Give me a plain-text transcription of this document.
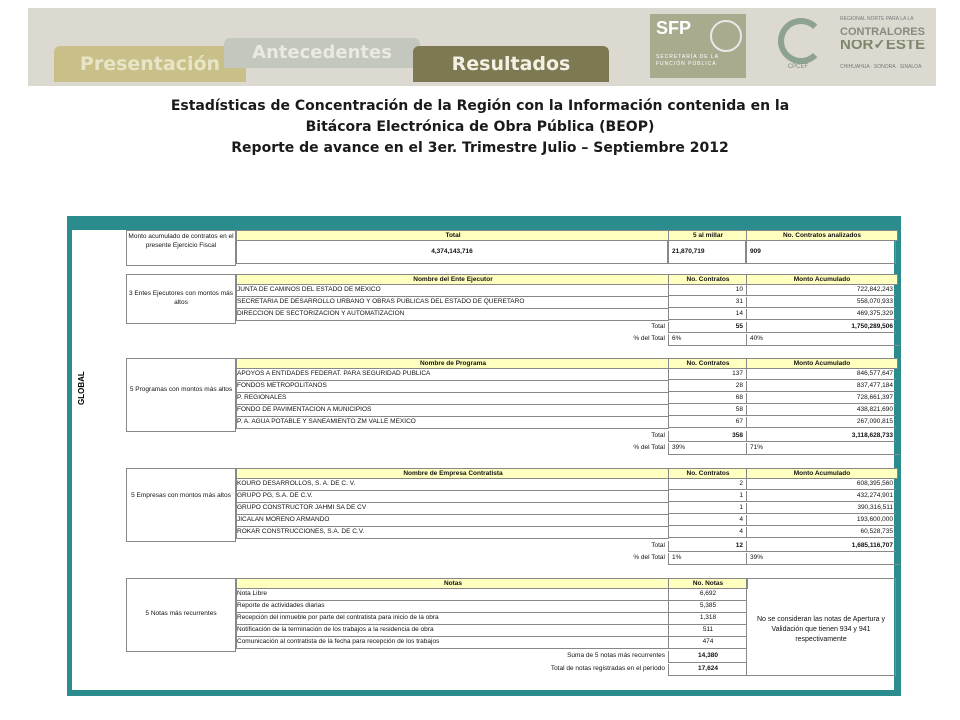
Presentación
Antecedentes
Resultados
SFP
SECRETARÍA DE LA
FUNCIÓN PÚBLICA	CPCEF
REGIONAL NORTE PARA LA LA
CONTRALORES
NOR✓ESTE
CHIHUAHUA · SONORA · SINALOA
Estadísticas de Concentración de la Región con la Información contenida en la
Bitácora Electrónica de Obra Pública (BEOP)
Reporte de avance en el 3er. Trimestre Julio – Septiembre 2012
GLOBAL
Monto acumulado de contratos en el presente Ejercicio Fiscal
Total	5 al millar	No. Contratos analizados
4,374,143,716	21,870,719	909
3 Entes Ejecutores con montos más altos
Nombre del Ente Ejecutor	No. Contratos	Monto Acumulado
JUNTA DE CAMINOS DEL ESTADO DE MEXICO	10	722,842,243
SECRETARIA DE DESARROLLO URBANO Y OBRAS PUBLICAS DEL ESTADO DE QUERETARO	31	558,070,933
DIRECCION DE SECTORIZACION Y AUTOMATIZACION	14	469,375,329
Total	55	1,750,289,506
% del Total	6%	40%
5 Programas con montos más altos
Nombre de Programa	No. Contratos	Monto Acumulado
APOYOS A ENTIDADES FEDERAT. PARA SEGURIDAD PUBLICA	137	846,577,647
FONDOS METROPOLITANOS	28	837,477,184
P. REGIONALES	68	728,661,397
FONDO DE PAVIMENTACION A MUNICIPIOS	58	438,821,690
P. A. AGUA POTABLE Y SANEAMIENTO ZM VALLE MEXICO	67	267,090,815
Total	358	3,118,628,733
% del Total	39%	71%
5 Empresas con montos más altos
Nombre de Empresa Contratista	No. Contratos	Monto Acumulado
KOURO DESARROLLOS, S. A. DE C. V.	2	608,395,560
GRUPO PG, S.A. DE C.V.	1	432,274,901
GRUPO CONSTRUCTOR JAHMI SA DE CV	1	390,316,511
JICALAN MORENO ARMANDO	4	193,600,000
ROKAR CONSTRUCCIONES, S.A. DE C.V.	4	60,528,735
Total	12	1,685,116,707
% del Total	1%	39%
5 Notas más recurrentes
Notas	No. Notas
Nota Libre	6,692
Reporte de actividades diarias	5,385
Recepción del inmueble por parte del contratista para inicio de la obra	1,318
Notificación de la terminación de los trabajos a la residencia de obra	511
Comunicación al contratista de la fecha para recepción de los trabajos	474
Suma de 5 notas más recurrentes	14,380
Total de notas registradas en el período	17,624
No se consideran las notas de Apertura y Validación que tienen 934 y 941 respectivamente
